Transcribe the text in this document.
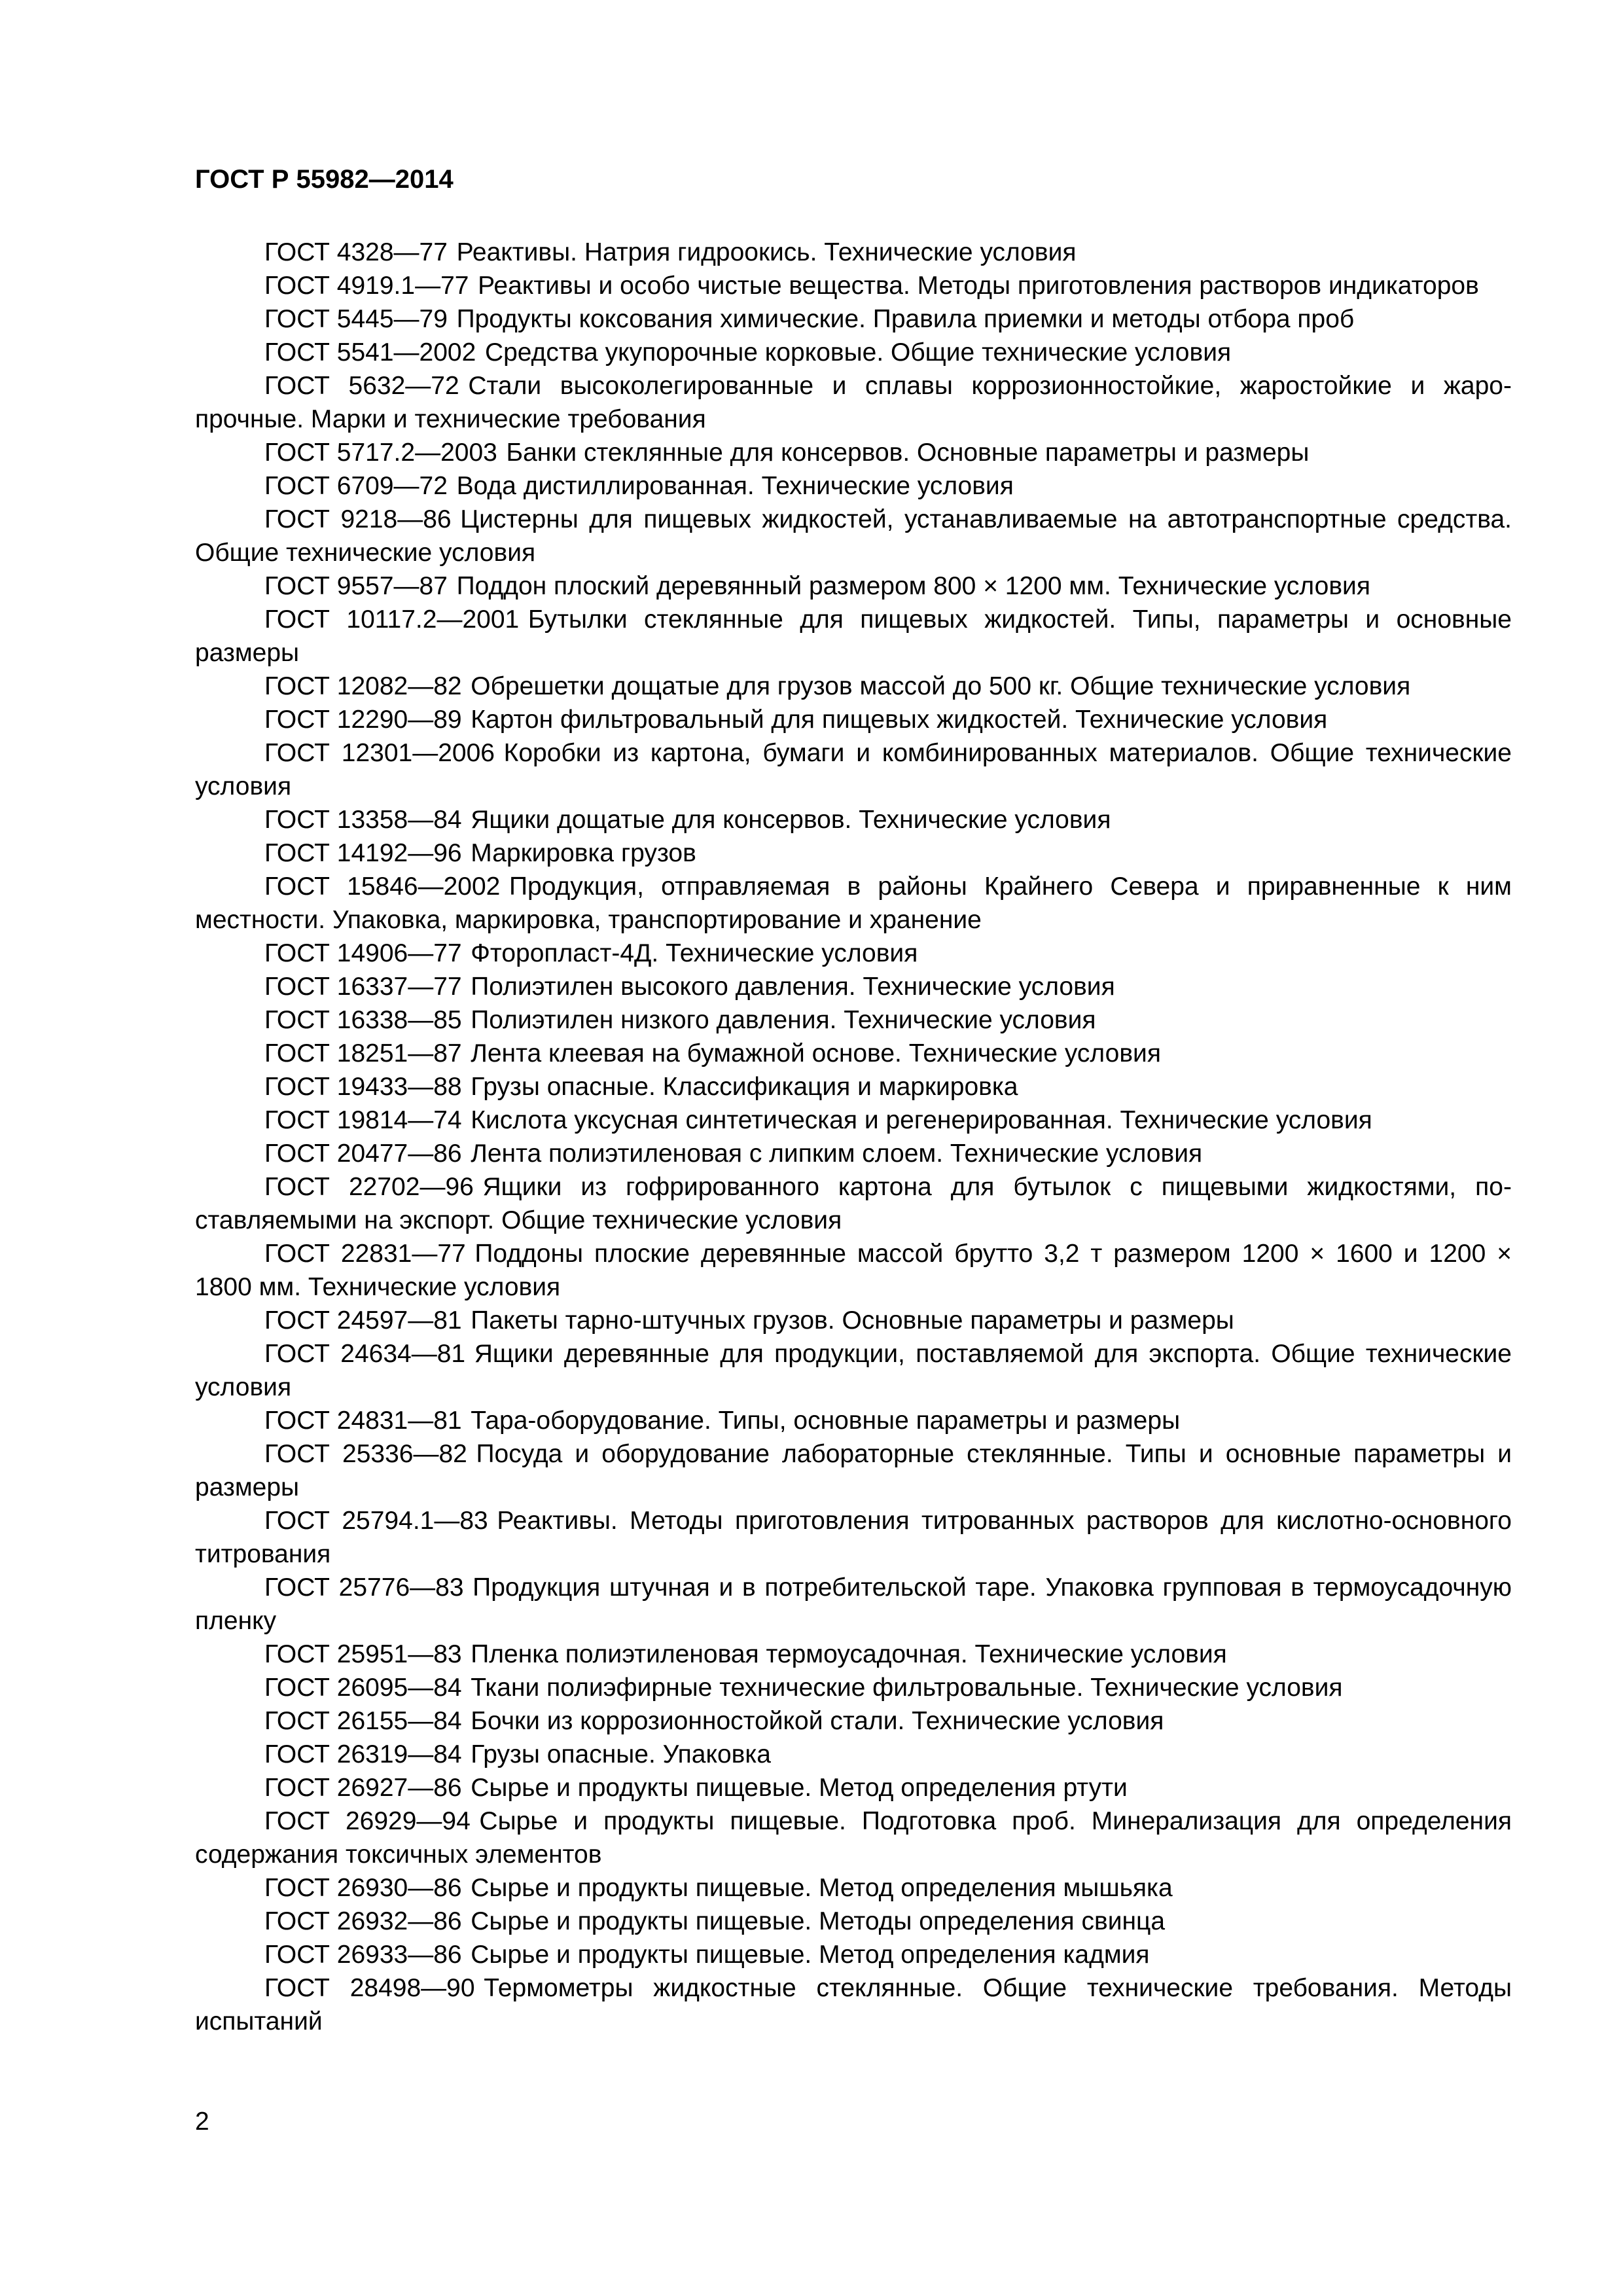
ГОСТ Р 55982—2014
ГОСТ 4328—77 Реактивы. Натрия гидроокись. Технические условия
ГОСТ 4919.1—77 Реактивы и особо чистые вещества. Методы приготовления растворов индикаторов
ГОСТ 5445—79 Продукты коксования химические. Правила приемки и методы отбора проб
ГОСТ 5541—2002 Средства укупорочные корковые. Общие технические условия
ГОСТ 5632—72 Стали высоколегированные и сплавы коррозионностойкие, жаростойкие и жаропрочные. Марки и технические требования
ГОСТ 5717.2—2003 Банки стеклянные для консервов. Основные параметры и размеры
ГОСТ 6709—72 Вода дистиллированная. Технические условия
ГОСТ 9218—86 Цистерны для пищевых жидкостей, устанавливаемые на автотранспортные средства. Общие технические условия
ГОСТ 9557—87 Поддон плоский деревянный размером 800 × 1200 мм. Технические условия
ГОСТ 10117.2—2001 Бутылки стеклянные для пищевых жидкостей. Типы, параметры и основные размеры
ГОСТ 12082—82 Обрешетки дощатые для грузов массой до 500 кг. Общие технические условия
ГОСТ 12290—89 Картон фильтровальный для пищевых жидкостей. Технические условия
ГОСТ 12301—2006 Коробки из картона, бумаги и комбинированных материалов. Общие технические условия
ГОСТ 13358—84 Ящики дощатые для консервов. Технические условия
ГОСТ 14192—96 Маркировка грузов
ГОСТ 15846—2002 Продукция, отправляемая в районы Крайнего Севера и приравненные к ним местности. Упаковка, маркировка, транспортирование и хранение
ГОСТ 14906—77 Фторопласт-4Д. Технические условия
ГОСТ 16337—77 Полиэтилен высокого давления. Технические условия
ГОСТ 16338—85 Полиэтилен низкого давления. Технические условия
ГОСТ 18251—87 Лента клеевая на бумажной основе. Технические условия
ГОСТ 19433—88 Грузы опасные. Классификация и маркировка
ГОСТ 19814—74 Кислота уксусная синтетическая и регенерированная. Технические условия
ГОСТ 20477—86 Лента полиэтиленовая с липким слоем. Технические условия
ГОСТ 22702—96 Ящики из гофрированного картона для бутылок с пищевыми жидкостями, поставляемыми на экспорт. Общие технические условия
ГОСТ 22831—77 Поддоны плоские деревянные массой брутто 3,2 т размером 1200 × 1600 и 1200 × 1800 мм. Технические условия
ГОСТ 24597—81 Пакеты тарно-штучных грузов. Основные параметры и размеры
ГОСТ 24634—81 Ящики деревянные для продукции, поставляемой для экспорта. Общие технические условия
ГОСТ 24831—81 Тара-оборудование. Типы, основные параметры и размеры
ГОСТ 25336—82 Посуда и оборудование лабораторные стеклянные. Типы и основные параметры и размеры
ГОСТ 25794.1—83 Реактивы. Методы приготовления титрованных растворов для кислотно-основного титрования
ГОСТ 25776—83 Продукция штучная и в потребительской таре. Упаковка групповая в термоусадочную пленку
ГОСТ 25951—83 Пленка полиэтиленовая термоусадочная. Технические условия
ГОСТ 26095—84 Ткани полиэфирные технические фильтровальные. Технические условия
ГОСТ 26155—84 Бочки из коррозионностойкой стали. Технические условия
ГОСТ 26319—84 Грузы опасные. Упаковка
ГОСТ 26927—86 Сырье и продукты пищевые. Метод определения ртути
ГОСТ 26929—94 Сырье и продукты пищевые. Подготовка проб. Минерализация для определения содержания токсичных элементов
ГОСТ 26930—86 Сырье и продукты пищевые. Метод определения мышьяка
ГОСТ 26932—86 Сырье и продукты пищевые. Методы определения свинца
ГОСТ 26933—86 Сырье и продукты пищевые. Метод определения кадмия
ГОСТ 28498—90 Термометры жидкостные стеклянные. Общие технические требования. Методы испытаний
2
